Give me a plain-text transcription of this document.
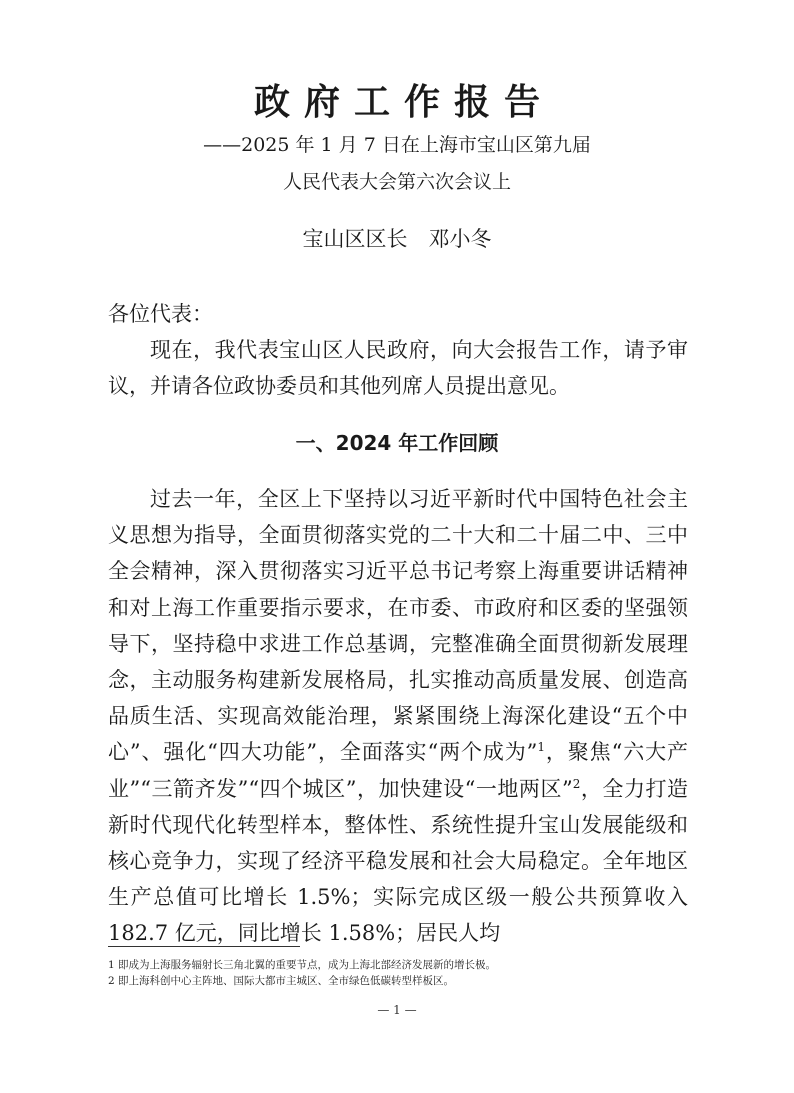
政府工作报告
——2025 年 1 月 7 日在上海市宝山区第九届
人民代表大会第六次会议上
宝山区区长　邓小冬
各位代表：

现在，我代表宝山区人民政府，向大会报告工作，请予审议，并请各位政协委员和其他列席人员提出意见。

一、2024 年工作回顾

过去一年，全区上下坚持以习近平新时代中国特色社会主义思想为指导，全面贯彻落实党的二十大和二十届二中、三中全会精神，深入贯彻落实习近平总书记考察上海重要讲话精神和对上海工作重要指示要求，在市委、市政府和区委的坚强领导下，坚持稳中求进工作总基调，完整准确全面贯彻新发展理念，主动服务构建新发展格局，扎实推动高质量发展、创造高品质生活、实现高效能治理，紧紧围绕上海深化建设“五个中心”、强化“四大功能”，全面落实“两个成为”$^1$，聚焦“六大产业”“三箭齐发”“四个城区”，加快建设“一地两区”$^2$，全力打造新时代现代化转型样本，整体性、系统性提升宝山发展能级和核心竞争力，实现了经济平稳发展和社会大局稳定。全年地区生产总值可比增长 1.5%；实际完成区级一般公共预算收入 182.7 亿元，同比增长 1.58%；居民人均

1 即成为上海服务辐射长三角北翼的重要节点，成为上海北部经济发展新的增长极。
2 即上海科创中心主阵地、国际大都市主城区、全市绿色低碳转型样板区。
— 1 —
